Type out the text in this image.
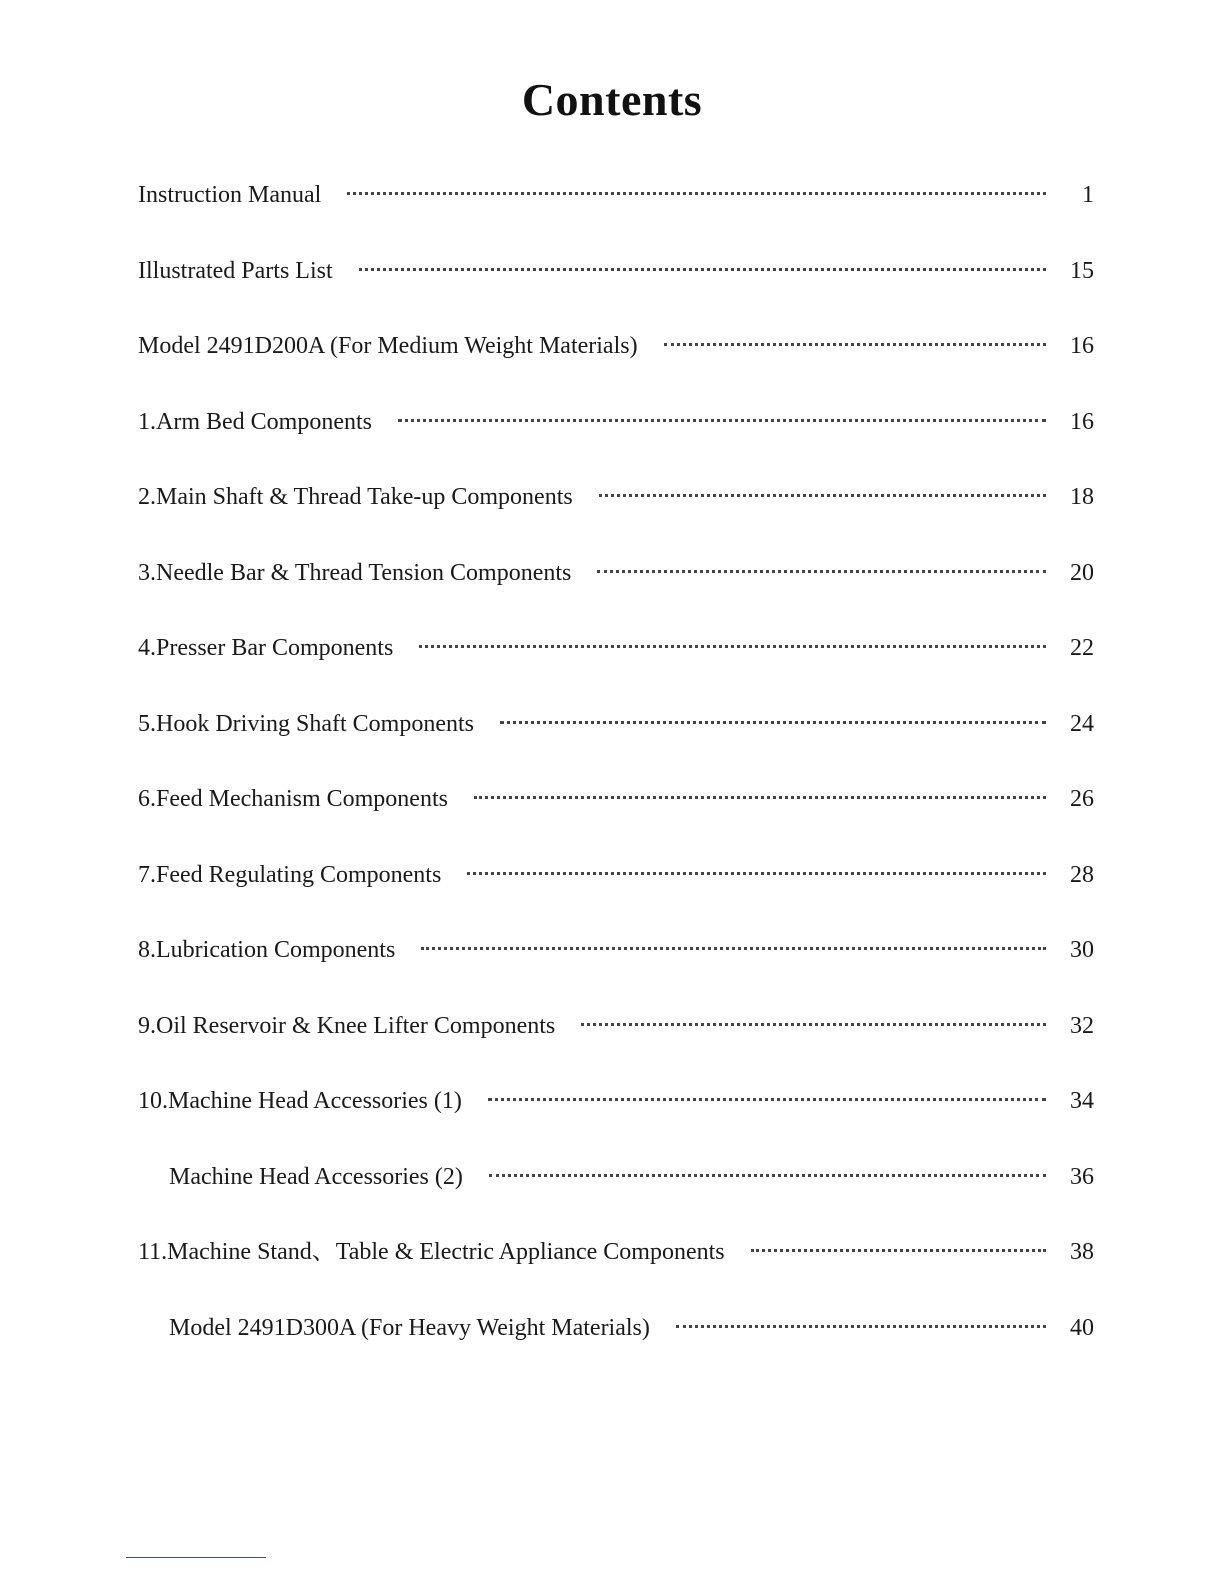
Contents
Instruction Manual	1
Illustrated Parts List	15
Model 2491D200A (For Medium Weight Materials)	16
1.Arm Bed Components	16
2.Main Shaft & Thread Take-up Components	18
3.Needle Bar & Thread Tension Components	20
4.Presser Bar Components	22
5.Hook Driving Shaft Components	24
6.Feed Mechanism Components	26
7.Feed Regulating Components	28
8.Lubrication Components	30
9.Oil Reservoir & Knee Lifter Components	32
10.Machine Head Accessories (1)	34
Machine Head Accessories (2)	36
11.Machine Stand、Table & Electric Appliance Components	38
Model 2491D300A (For Heavy Weight Materials)	40
